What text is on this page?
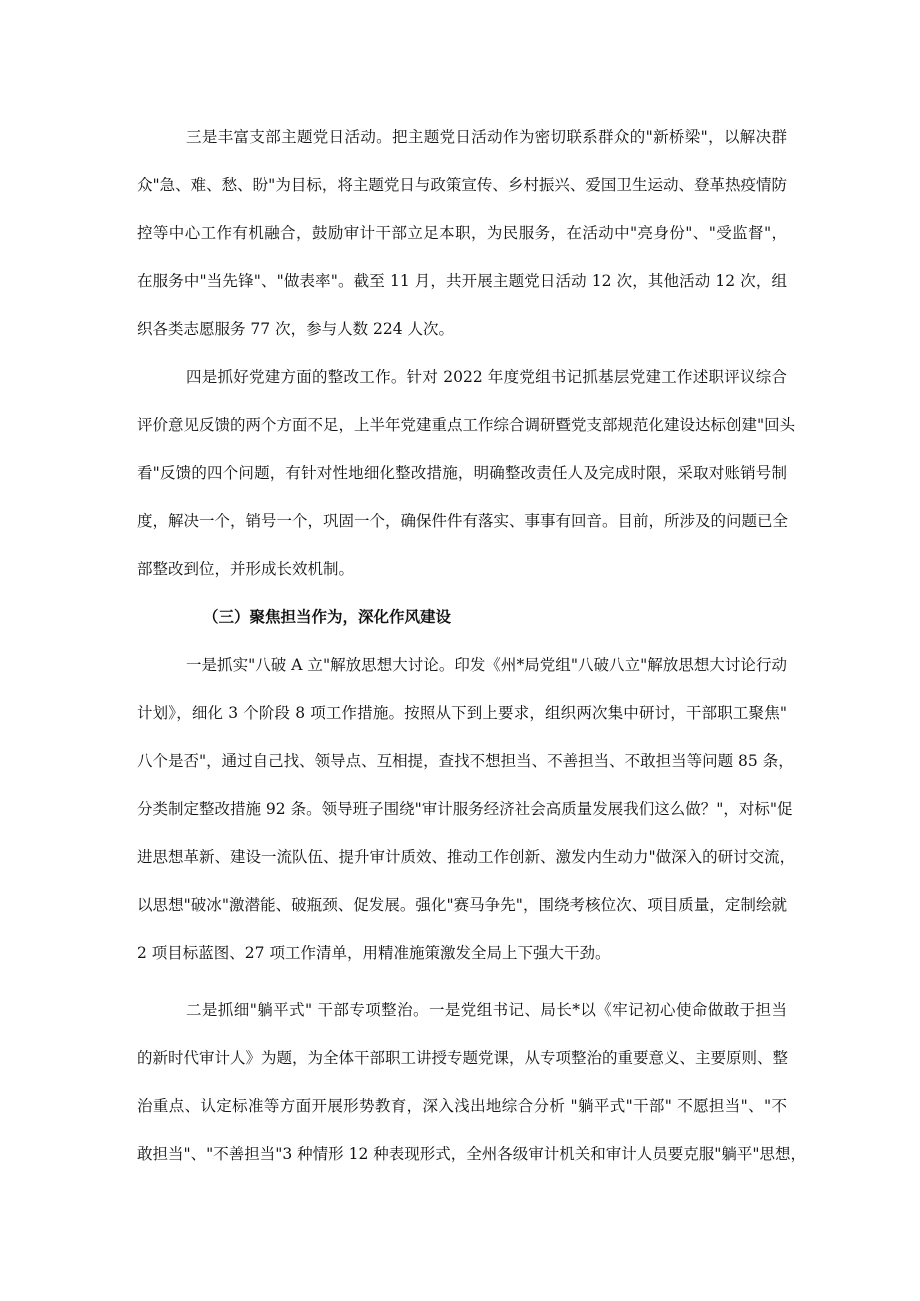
三是丰富支部主题党日活动。把主题党日活动作为密切联系群众的"新桥梁"，以解决群
众"急、难、愁、盼"为目标，将主题党日与政策宣传、乡村振兴、爱国卫生运动、登革热疫情防
控等中心工作有机融合，鼓励审计干部立足本职，为民服务，在活动中"亮身份"、"受监督"，
在服务中"当先锋"、"做表率"。截至 11 月，共开展主题党日活动 12 次，其他活动 12 次，组
织各类志愿服务 77 次，参与人数 224 人次。
四是抓好党建方面的整改工作。针对 2022 年度党组书记抓基层党建工作述职评议综合
评价意见反馈的两个方面不足，上半年党建重点工作综合调研暨党支部规范化建设达标创建"回头
看"反馈的四个问题，有针对性地细化整改措施，明确整改责任人及完成时限，采取对账销号制
度，解决一个，销号一个，巩固一个，确保件件有落实、事事有回音。目前，所涉及的问题已全
部整改到位，并形成长效机制。
（三）聚焦担当作为，深化作风建设
一是抓实"八破 A 立"解放思想大讨论。印发《州*局党组"八破八立"解放思想大讨论行动
计划》，细化 3 个阶段 8 项工作措施。按照从下到上要求，组织两次集中研讨，干部职工聚焦"
八个是否"，通过自己找、领导点、互相提，查找不想担当、不善担当、不敢担当等问题 85 条，
分类制定整改措施 92 条。领导班子围绕"审计服务经济社会高质量发展我们这么做？"，对标"促
进思想革新、建设一流队伍、提升审计质效、推动工作创新、激发内生动力"做深入的研讨交流，
以思想"破冰"激潜能、破瓶颈、促发展。强化"赛马争先"，围绕考核位次、项目质量，定制绘就
2 项目标蓝图、27 项工作清单，用精准施策激发全局上下强大干劲。
二是抓细"躺平式" 干部专项整治。一是党组书记、局长*以《牢记初心使命做敢于担当
的新时代审计人》为题，为全体干部职工讲授专题党课，从专项整治的重要意义、主要原则、整
治重点、认定标准等方面开展形势教育，深入浅出地综合分析 "躺平式"干部" 不愿担当"、"不
敢担当"、"不善担当"3 种情形 12 种表现形式，全州各级审计机关和审计人员要克服"躺平"思想，
